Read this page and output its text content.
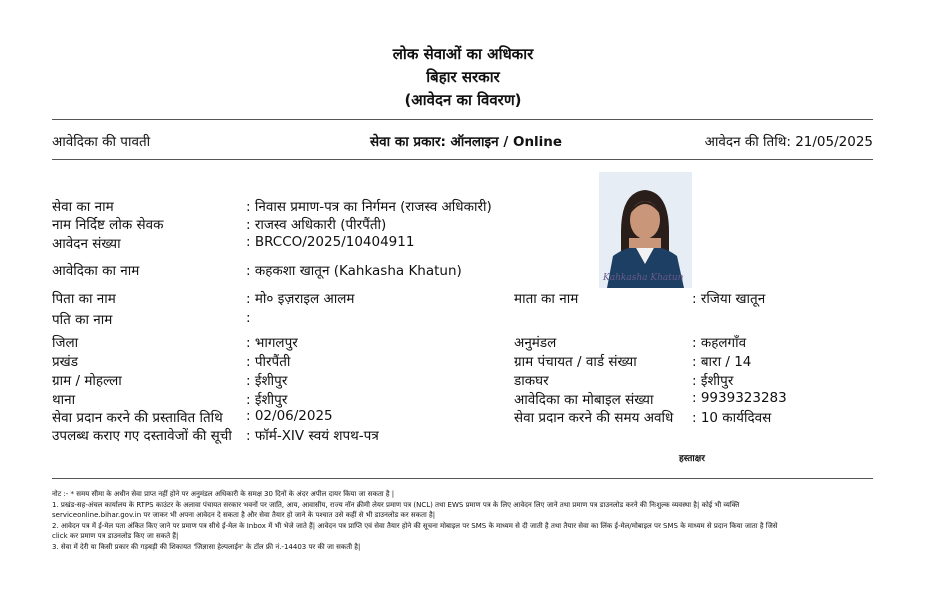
लोक सेवाओं का अधिकार
बिहार सरकार
(आवेदन का विवरण)
आवेदिका की पावती	सेवा का प्रकार: ऑनलाइन / Online	आवेदन की तिथि: 21/05/2025
Kahkasha Khatun
सेवा का नाम	: निवास प्रमाण-पत्र का निर्गमन (राजस्व अधिकारी)
नाम निर्दिष्ट लोक सेवक	: राजस्व अधिकारी (पीरपैंती)
आवेदन संख्या	: BRCCO/2025/10404911
आवेदिका का नाम	: कहकशा खातून (Kahkasha Khatun)
पिता का नाम	: मो० इज़राइल आलम	माता का नाम	: रजिया खातून
पति का नाम	:
जिला	: भागलपुर	अनुमंडल	: कहलगाँव
प्रखंड	: पीरपैंती	ग्राम पंचायत / वार्ड संख्या	: बारा / 14
ग्राम / मोहल्ला	: ईशीपुर	डाकघर	: ईशीपुर
थाना	: ईशीपुर	आवेदिका का मोबाइल संख्या	: 9939323283
सेवा प्रदान करने की प्रस्तावित तिथि : 02/06/2025	सेवा प्रदान करने की समय अवधि : 10 कार्यदिवस
उपलब्ध कराए गए दस्तावेजों की सूची : फॉर्म-XIV स्वयं शपथ-पत्र
हस्ताक्षर
नोट :- * समय सीमा के अधीन सेवा प्राप्त नहीं होने पर अनुमंडल अधिकारी के समक्ष 30 दिनों के अंदर अपील दायर किया जा सकता है |
1. प्रखंड-सह-अंचल कार्यालय के RTPS काउंटर के अलावा पंचायत सरकार भवनों पर जाति, आय, आवासीय, राज्य नॉन क्रीमी लेयर प्रमाण पत्र (NCL) तथा EWS प्रमाण पत्र के लिए आवेदन लिए जाने तथा प्रमाण पत्र डाउनलोड करने की निःशुल्क व्यवस्था है| कोई भी व्यक्ति
serviceonline.bihar.gov.in पर जाकर भी अपना आवेदन दे सकता है और सेवा तैयार हो जाने के पश्चात उसे कहीं से भी डाउनलोड कर सकता है|
2. आवेदन पत्र में ई-मेल पता अंकित किए जाने पर प्रमाण पत्र सीधे ई-मेल के Inbox में भी भेजे जाते हैं| आवेदन पत्र प्राप्ति एवं सेवा तैयार होने की सूचना मोबाइल पर SMS के माध्यम से दी जाती है तथा तैयार सेवा का लिंक ई-मेल/मोबाइल पर SMS के माध्यम से प्रदान किया जाता है जिसे
click कर प्रमाण पत्र डाउनलोड किए जा सकते हैं|
3. सेवा में देरी या किसी प्रकार की गड़बड़ी की शिकायत 'जिज्ञासा हेल्पलाईन' के टॉल फ्री नं.-14403 पर की जा सकती है|
